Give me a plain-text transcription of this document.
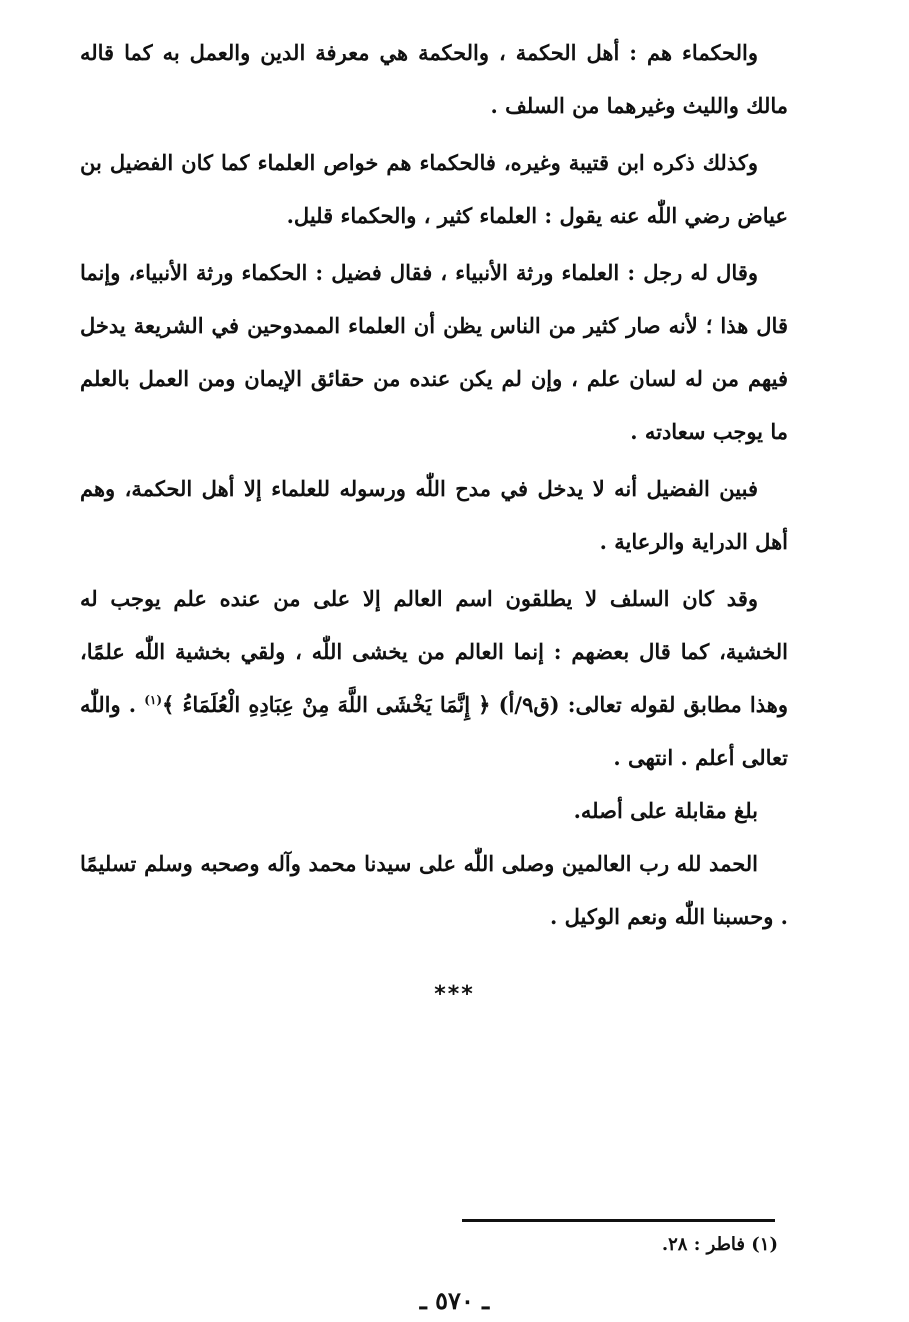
والحكماء هم : أهل الحكمة ، والحكمة هي معرفة الدين والعمل به كما قاله مالك والليث وغيرهما من السلف .

وكذلك ذكره ابن قتيبة وغيره، فالحكماء هم خواص العلماء كما كان الفضيل بن عياض رضي اللّٰه عنه يقول : العلماء كثير ، والحكماء قليل.

وقال له رجل : العلماء ورثة الأنبياء ، فقال فضيل : الحكماء ورثة الأنبياء، وإنما قال هذا ؛ لأنه صار كثير من الناس يظن أن العلماء الممدوحين في الشريعة يدخل فيهم من له لسان علم ، وإن لم يكن عنده من حقائق الإيمان ومن العمل بالعلم ما يوجب سعادته .

فبين الفضيل أنه لا يدخل في مدح اللّٰه ورسوله للعلماء إلا أهل الحكمة، وهم أهل الدراية والرعاية .

وقد كان السلف لا يطلقون اسم العالم إلا على من عنده علم يوجب له الخشية، كما قال بعضهم : إنما العالم من يخشى اللّٰه ، ولقي بخشية اللّٰه علمًا، وهذا مطابق لقوله تعالى: (ق٩/أ) ﴿ إِنَّمَا يَخْشَى اللَّهَ مِنْ عِبَادِهِ الْعُلَمَاءُ ﴾$^{(١)}$ . واللّٰه تعالى أعلم . انتهى .

بلغ مقابلة على أصله.

الحمد لله رب العالمين وصلى اللّٰه على سيدنا محمد وآله وصحبه وسلم تسليمًا . وحسبنا اللّٰه ونعم الوكيل .

***
(١) فاطر : ٢٨.
ـ ٥٧٠ ـ
